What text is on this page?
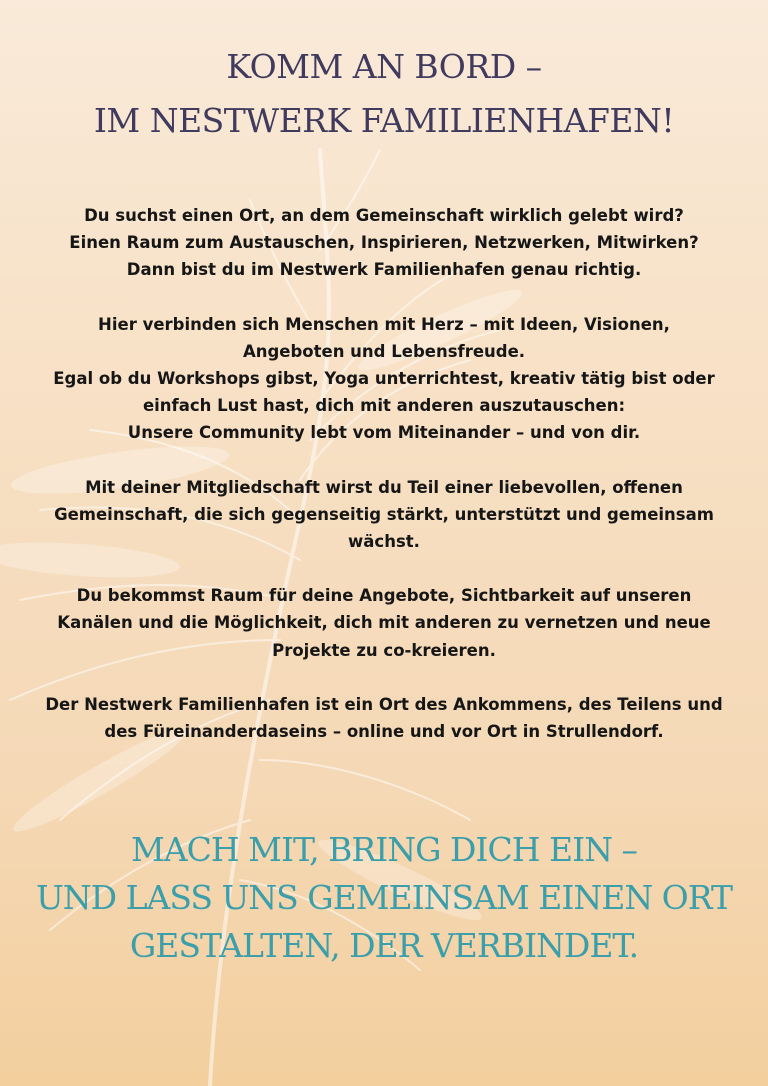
KOMM AN BORD –
IM NESTWERK FAMILIENHAFEN!
Du suchst einen Ort, an dem Gemeinschaft wirklich gelebt wird?
Einen Raum zum Austauschen, Inspirieren, Netzwerken, Mitwirken?
Dann bist du im Nestwerk Familienhafen genau richtig.
Hier verbinden sich Menschen mit Herz – mit Ideen, Visionen,
Angeboten und Lebensfreude.
Egal ob du Workshops gibst, Yoga unterrichtest, kreativ tätig bist oder
einfach Lust hast, dich mit anderen auszutauschen:
Unsere Community lebt vom Miteinander – und von dir.
Mit deiner Mitgliedschaft wirst du Teil einer liebevollen, offenen
Gemeinschaft, die sich gegenseitig stärkt, unterstützt und gemeinsam
wächst.
Du bekommst Raum für deine Angebote, Sichtbarkeit auf unseren
Kanälen und die Möglichkeit, dich mit anderen zu vernetzen und neue
Projekte zu co-kreieren.
Der Nestwerk Familienhafen ist ein Ort des Ankommens, des Teilens und
des Füreinanderdaseins – online und vor Ort in Strullendorf.
MACH MIT, BRING DICH EIN –
UND LASS UNS GEMEINSAM EINEN ORT
GESTALTEN, DER VERBINDET.
